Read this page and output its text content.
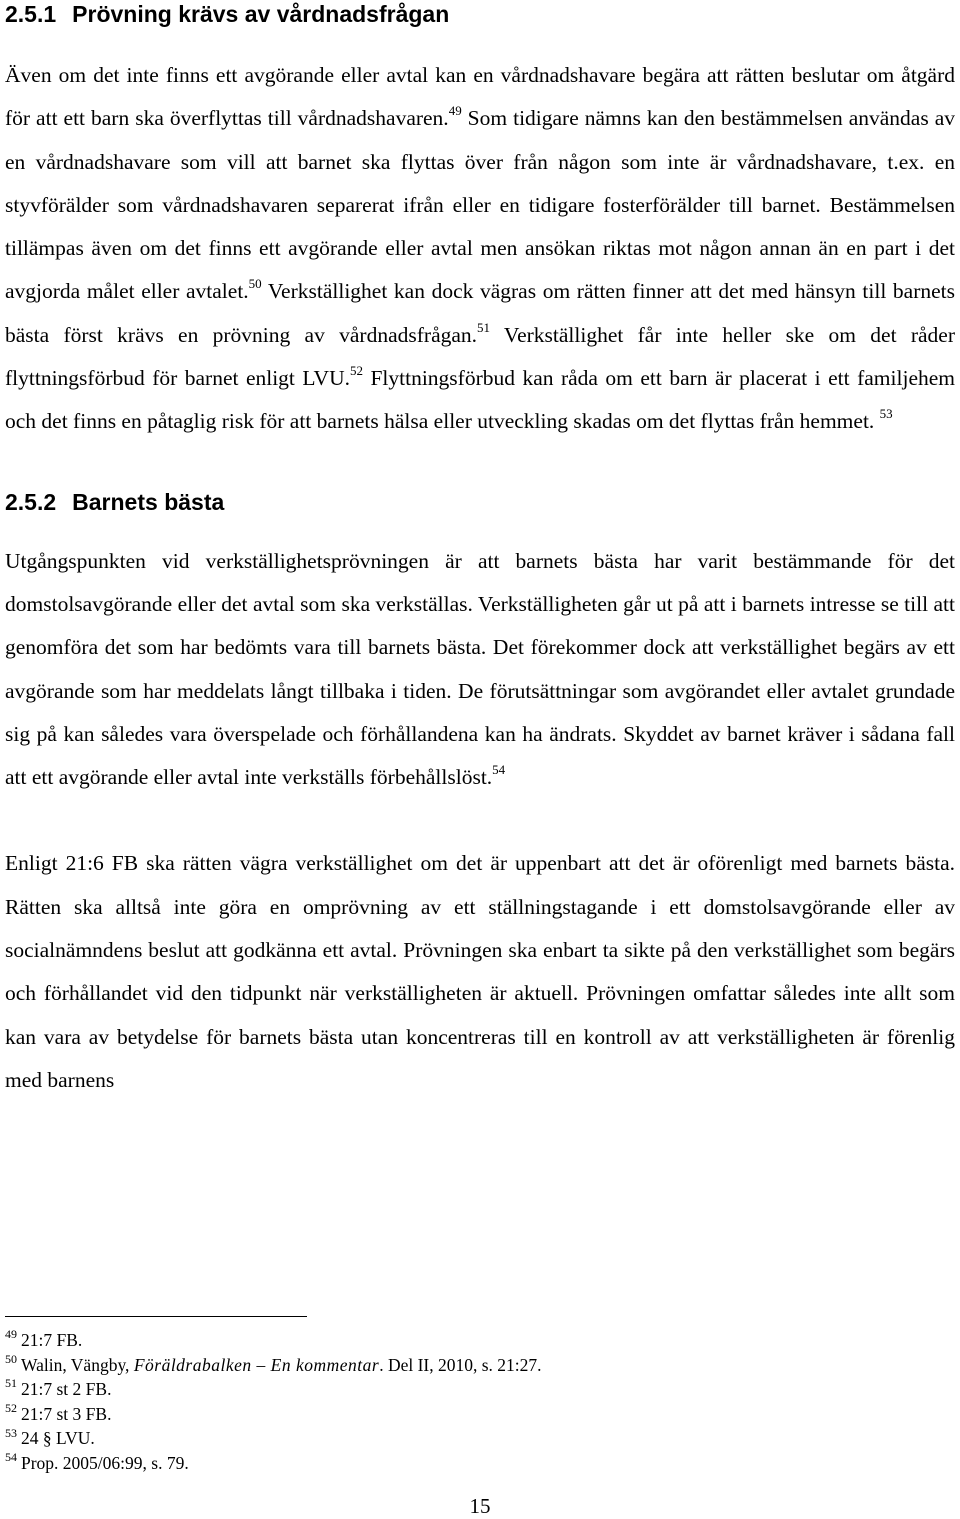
2.5.1 Prövning krävs av vårdnadsfrågan

Även om det inte finns ett avgörande eller avtal kan en vårdnadshavare begära att rätten beslutar om åtgärd för att ett barn ska överflyttas till vårdnadshavaren.$^{49}$ Som tidigare nämns kan den bestämmelsen användas av en vårdnadshavare som vill att barnet ska flyttas över från någon som inte är vårdnadshavare, t.ex. en styvförälder som vårdnadshavaren separerat ifrån eller en tidigare fosterförälder till barnet. Bestämmelsen tillämpas även om det finns ett avgörande eller avtal men ansökan riktas mot någon annan än en part i det avgjorda målet eller avtalet.$^{50}$ Verkställighet kan dock vägras om rätten finner att det med hänsyn till barnets bästa först krävs en prövning av vårdnadsfrågan.$^{51}$ Verkställighet får inte heller ske om det råder flyttningsförbud för barnet enligt LVU.$^{52}$ Flyttningsförbud kan råda om ett barn är placerat i ett familjehem och det finns en påtaglig risk för att barnets hälsa eller utveckling skadas om det flyttas från hemmet. $^{53}$

2.5.2 Barnets bästa

Utgångspunkten vid verkställighetsprövningen är att barnets bästa har varit bestämmande för det domstolsavgörande eller det avtal som ska verkställas. Verkställigheten går ut på att i barnets intresse se till att genomföra det som har bedömts vara till barnets bästa. Det förekommer dock att verkställighet begärs av ett avgörande som har meddelats långt tillbaka i tiden. De förutsättningar som avgörandet eller avtalet grundade sig på kan således vara överspelade och förhållandena kan ha ändrats. Skyddet av barnet kräver i sådana fall att ett avgörande eller avtal inte verkställs förbehållslöst.$^{54}$

Enligt 21:6 FB ska rätten vägra verkställighet om det är uppenbart att det är oförenligt med barnets bästa. Rätten ska alltså inte göra en omprövning av ett ställningstagande i ett domstolsavgörande eller av socialnämndens beslut att godkänna ett avtal. Prövningen ska enbart ta sikte på den verkställighet som begärs och förhållandet vid den tidpunkt när verkställigheten är aktuell. Prövningen omfattar således inte allt som kan vara av betydelse för barnets bästa utan koncentreras till en kontroll av att verkställigheten är förenlig med barnens

$^{49}$ 21:7 FB.
$^{50}$ Walin, Vängby, Föräldrabalken – En kommentar. Del II, 2010, s. 21:27.
$^{51}$ 21:7 st 2 FB.
$^{52}$ 21:7 st 3 FB.
$^{53}$ 24 § LVU.
$^{54}$ Prop. 2005/06:99, s. 79.
15
